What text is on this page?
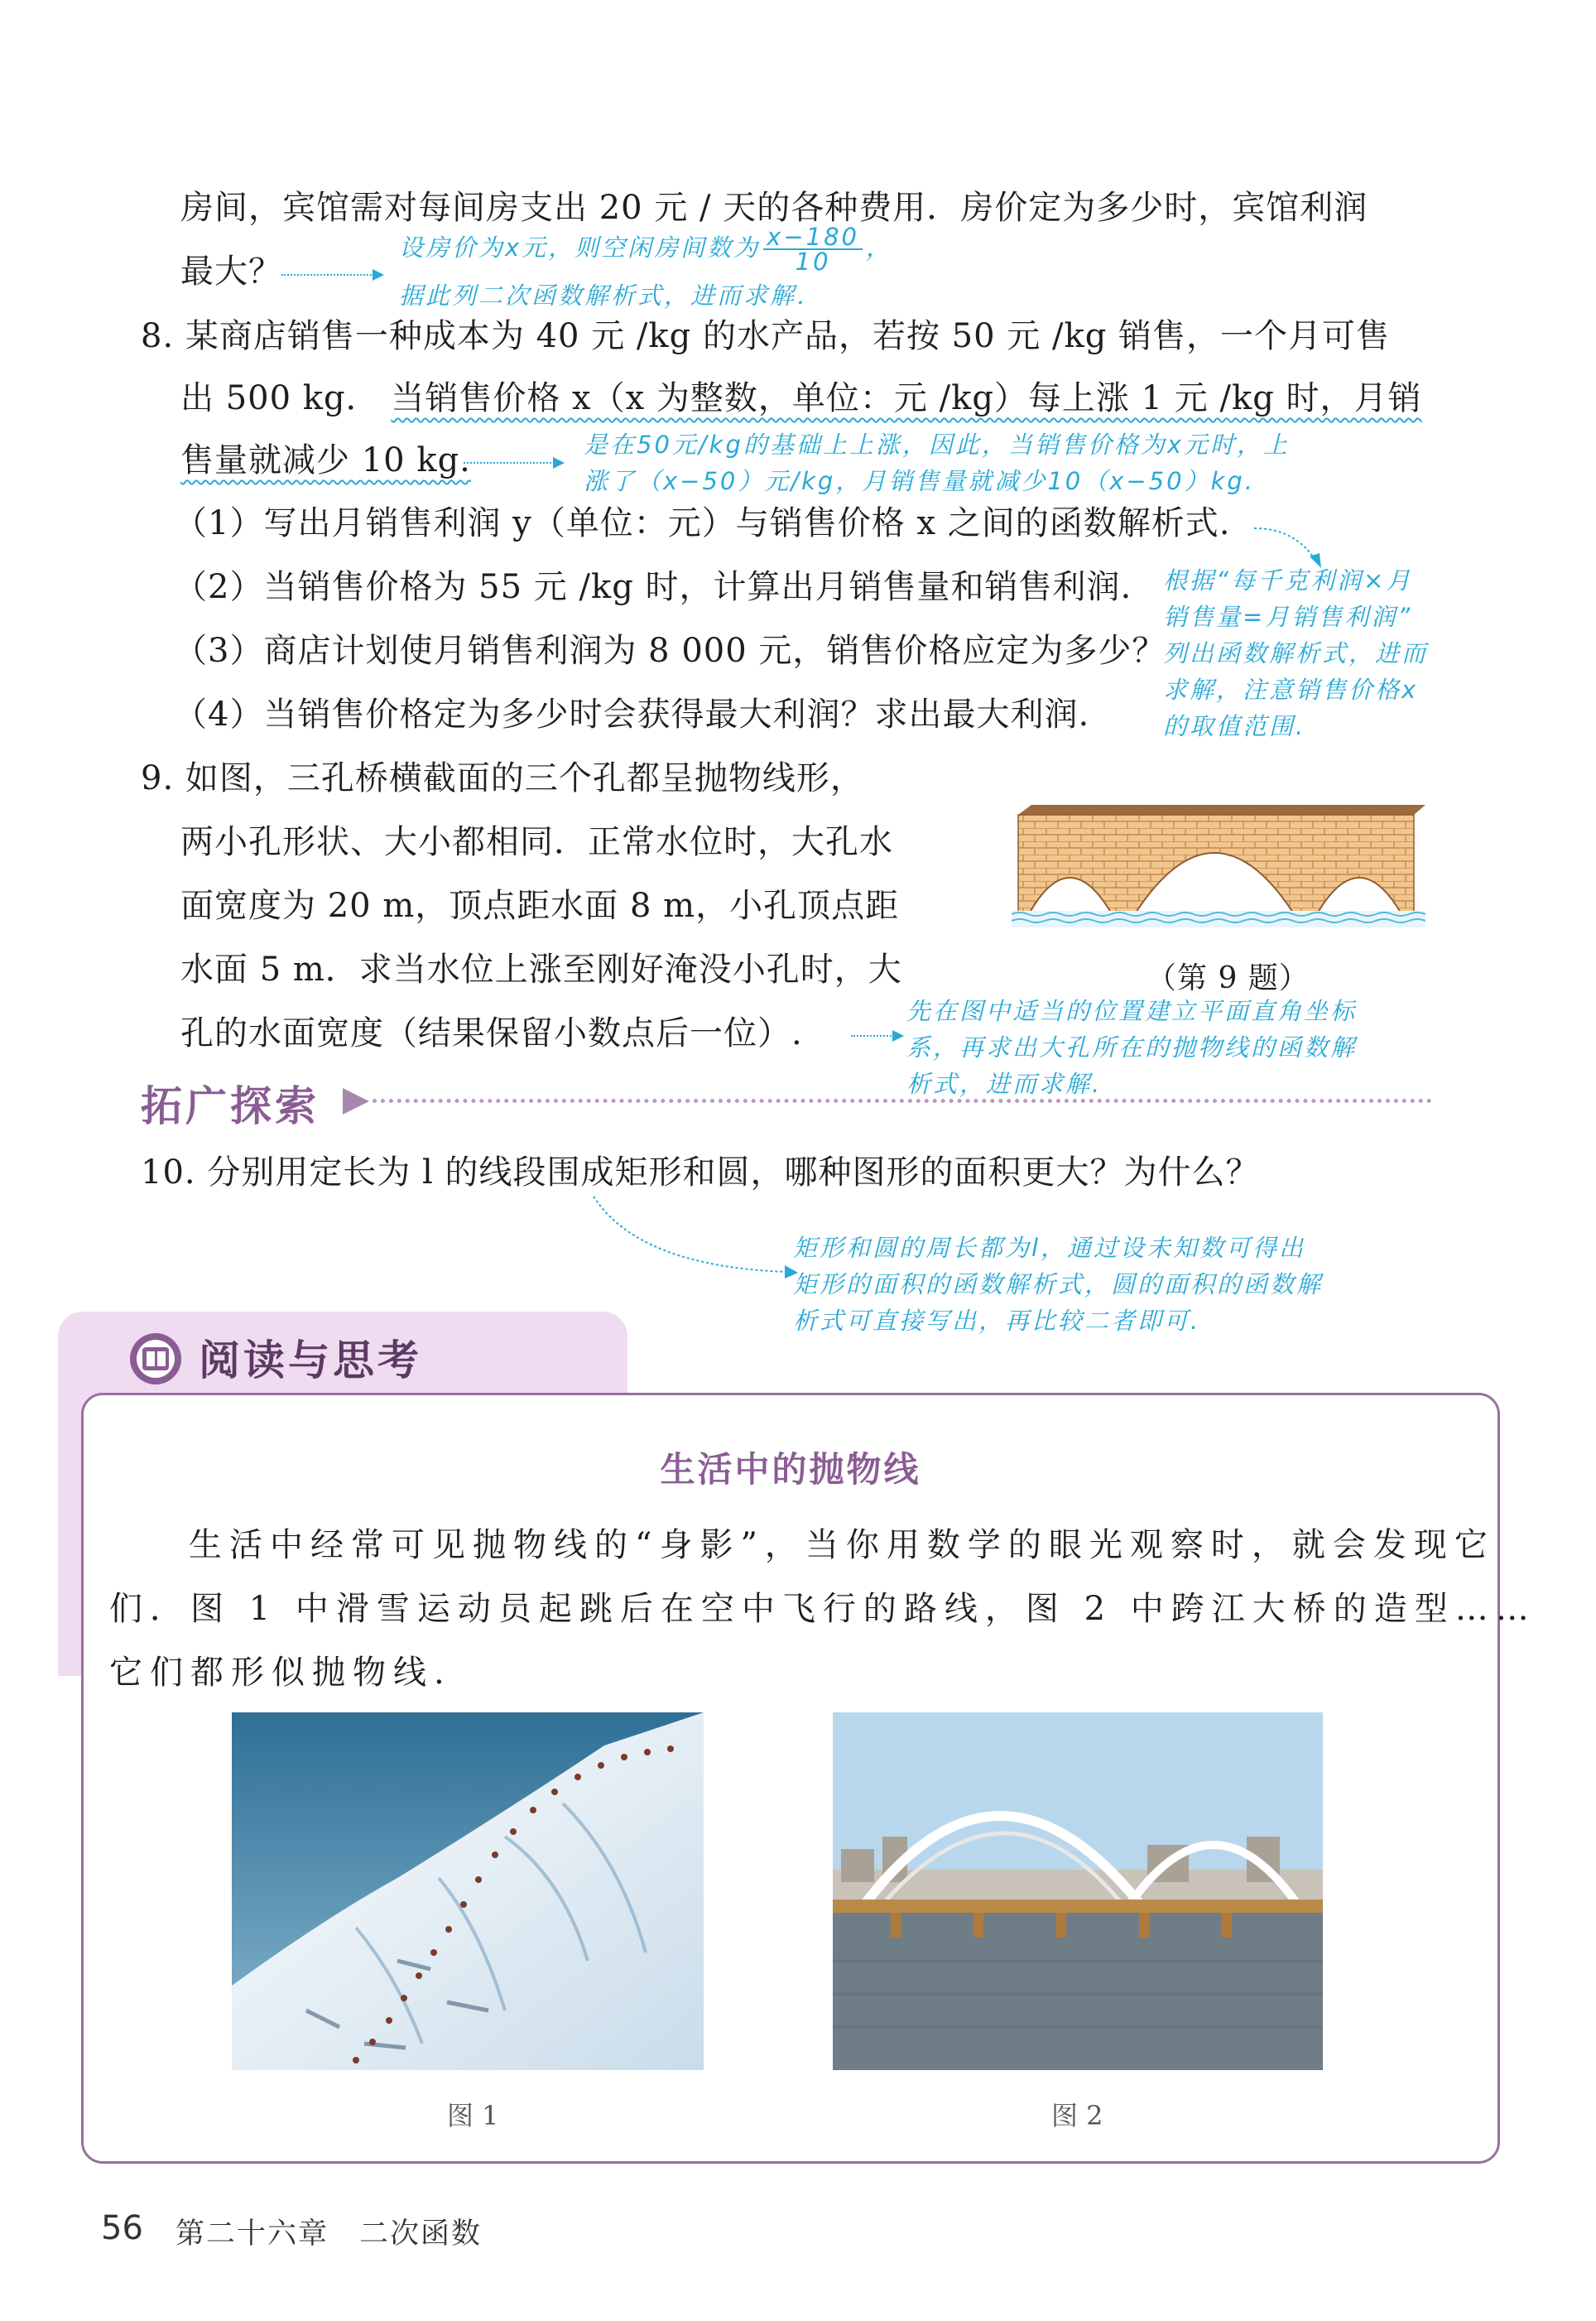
房间，宾馆需对每间房支出 20 元 / 天的各种费用．房价定为多少时，宾馆利润
最大？
设房价为x元，则空闲房间数为 $\frac{x-180}{10}$ ，
据此列二次函数解析式，进而求解．
8. 某商店销售一种成本为 40 元 /kg 的水产品，若按 50 元 /kg 销售，一个月可售
出 500 kg． 当销售价格 x（x 为整数，单位：元 /kg）每上涨 1 元 /kg 时，月销
售量就减少 10 kg.	是在50元/kg的基础上上涨，因此，当销售价格为x元时，上
涨了（x−50）元/kg，月销售量就减少10（x−50）kg.
（1）写出月销售利润 y（单位：元）与销售价格 x 之间的函数解析式.
（2）当销售价格为 55 元 /kg 时，计算出月销售量和销售利润.
（3）商店计划使月销售利润为 8 000 元，销售价格应定为多少？
（4）当销售价格定为多少时会获得最大利润？求出最大利润.
根据“每千克利润×月
销售量=月销售利润”
列出函数解析式，进而
求解，注意销售价格x
的取值范围.
9. 如图，三孔桥横截面的三个孔都呈抛物线形，
两小孔形状、大小都相同．正常水位时，大孔水
面宽度为 20 m，顶点距水面 8 m，小孔顶点距
水面 5 m．求当水位上涨至刚好淹没小孔时，大
孔的水面宽度（结果保留小数点后一位）.
（第 9 题）
先在图中适当的位置建立平面直角坐标
系，再求出大孔所在的抛物线的函数解
析式，进而求解.
拓广探索
10. 分别用定长为 l 的线段围成矩形和圆，哪种图形的面积更大？为什么？
矩形和圆的周长都为l，通过设未知数可得出
矩形的面积的函数解析式，圆的面积的函数解
析式可直接写出，再比较二者即可.
阅读与思考
生活中的抛物线
生活中经常可见抛物线的“身影”，当你用数学的眼光观察时，就会发现它
们．图 1 中滑雪运动员起跳后在空中飞行的路线，图 2 中跨江大桥的造型……
它们都形似抛物线.
图 1	图 2
56 第二十六章　二次函数
